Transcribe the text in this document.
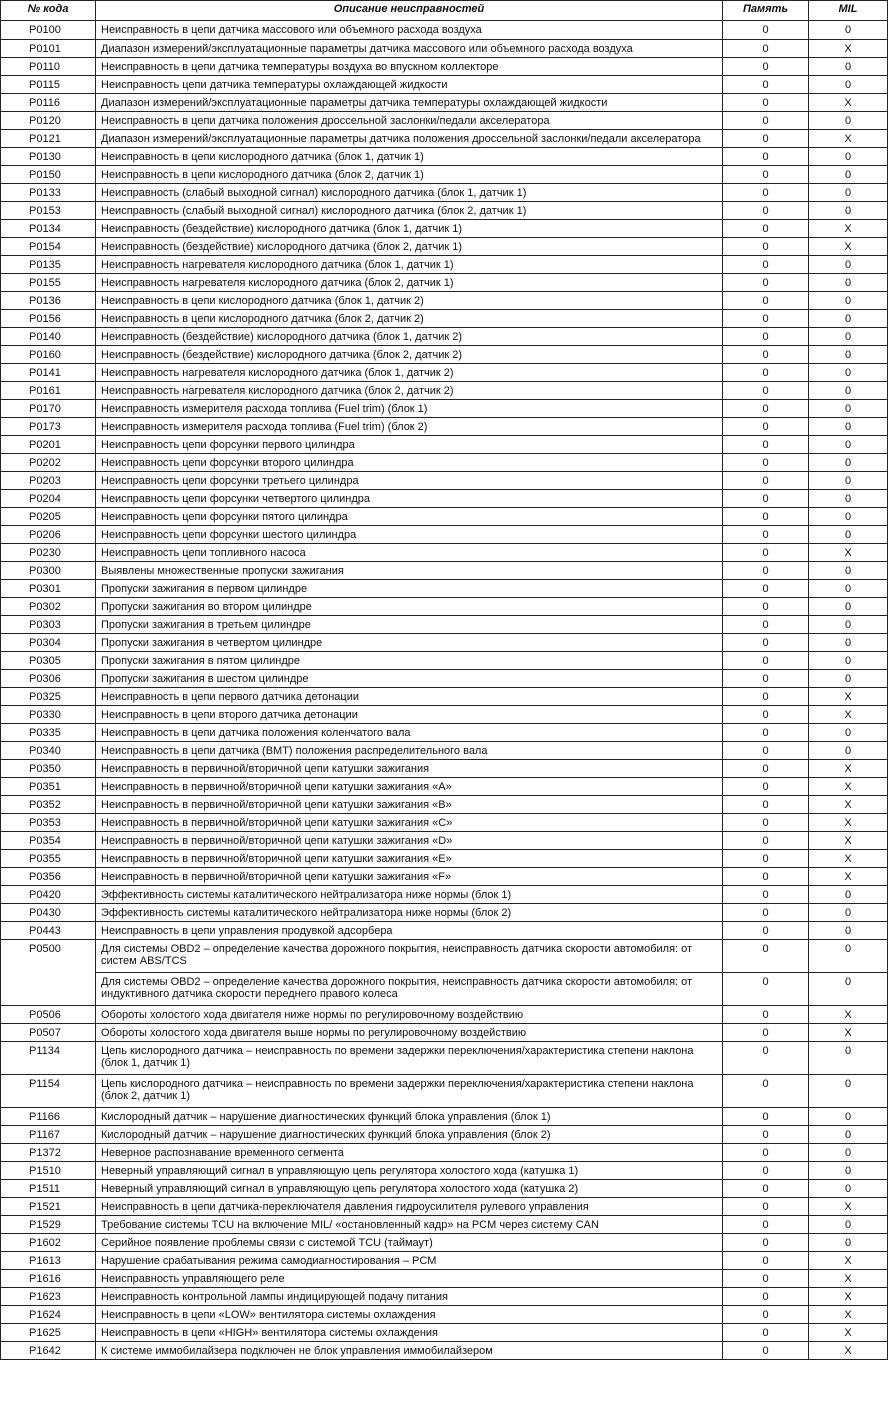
№ кода	Описание неисправностей	Память	MIL
P0100	Неисправность в цепи датчика массового или объемного расхода воздуха	0	0
P0101	Диапазон измерений/эксплуатационные параметры датчика массового или объемного расхода воздуха	0	X
P0110	Неисправность в цепи датчика температуры воздуха во впускном коллекторе	0	0
P0115	Неисправность цепи датчика температуры охлаждающей жидкости	0	0
P0116	Диапазон измерений/эксплуатационные параметры датчика температуры охлаждающей жидкости	0	X
P0120	Неисправность в цепи датчика положения дроссельной заслонки/педали акселератора	0	0
P0121	Диапазон измерений/эксплуатационные параметры датчика положения дроссельной заслонки/педали акселератора	0	X
P0130	Неисправность в цепи кислородного датчика (блок 1, датчик 1)	0	0
P0150	Неисправность в цепи кислородного датчика (блок 2, датчик 1)	0	0
P0133	Неисправность (слабый выходной сигнал) кислородного датчика (блок 1, датчик 1)	0	0
P0153	Неисправность (слабый выходной сигнал) кислородного датчика (блок 2, датчик 1)	0	0
P0134	Неисправность (бездействие) кислородного датчика (блок 1, датчик 1)	0	X
P0154	Неисправность (бездействие) кислородного датчика (блок 2, датчик 1)	0	X
P0135	Неисправность нагревателя кислородного датчика (блок 1, датчик 1)	0	0
P0155	Неисправность нагревателя кислородного датчика (блок 2, датчик 1)	0	0
P0136	Неисправность в цепи кислородного датчика (блок 1, датчик 2)	0	0
P0156	Неисправность в цепи кислородного датчика (блок 2, датчик 2)	0	0
P0140	Неисправность (бездействие) кислородного датчика (блок 1, датчик 2)	0	0
P0160	Неисправность (бездействие) кислородного датчика (блок 2, датчик 2)	0	0
P0141	Неисправность нагревателя кислородного датчика (блок 1, датчик 2)	0	0
P0161	Неисправность нагревателя кислородного датчика (блок 2, датчик 2)	0	0
P0170	Неисправность измерителя расхода топлива (Fuel trim) (блок 1)	0	0
P0173	Неисправность измерителя расхода топлива (Fuel trim) (блок 2)	0	0
P0201	Неисправность цепи форсунки первого цилиндра	0	0
P0202	Неисправность цепи форсунки второго цилиндра	0	0
P0203	Неисправность цепи форсунки третьего цилиндра	0	0
P0204	Неисправность цепи форсунки четвертого цилиндра	0	0
P0205	Неисправность цепи форсунки пятого цилиндра	0	0
P0206	Неисправность цепи форсунки шестого цилиндра	0	0
P0230	Неисправность цепи топливного насоса	0	X
P0300	Выявлены множественные пропуски зажигания	0	0
P0301	Пропуски зажигания в первом цилиндре	0	0
P0302	Пропуски зажигания во втором цилиндре	0	0
P0303	Пропуски зажигания в третьем цилиндре	0	0
P0304	Пропуски зажигания в четвертом цилиндре	0	0
P0305	Пропуски зажигания в пятом цилиндре	0	0
P0306	Пропуски зажигания в шестом цилиндре	0	0
P0325	Неисправность в цепи первого датчика детонации	0	X
P0330	Неисправность в цепи второго датчика детонации	0	X
P0335	Неисправность в цепи датчика положения коленчатого вала	0	0
P0340	Неисправность в цепи датчика (ВМТ) положения распределительного вала	0	0
P0350	Неисправность в первичной/вторичной цепи катушки зажигания	0	X
P0351	Неисправность в первичной/вторичной цепи катушки зажигания «A»	0	X
P0352	Неисправность в первичной/вторичной цепи катушки зажигания «B»	0	X
P0353	Неисправность в первичной/вторичной цепи катушки зажигания «C»	0	X
P0354	Неисправность в первичной/вторичной цепи катушки зажигания «D»	0	X
P0355	Неисправность в первичной/вторичной цепи катушки зажигания «E»	0	X
P0356	Неисправность в первичной/вторичной цепи катушки зажигания «F»	0	X
P0420	Эффективность системы каталитического нейтрализатора ниже нормы (блок 1)	0	0
P0430	Эффективность системы каталитического нейтрализатора ниже нормы (блок 2)	0	0
P0443	Неисправность в цепи управления продувкой адсорбера	0	0
P0500	Для системы OBD2 – определение качества дорожного покрытия, неисправность датчика скорости автомобиля: от систем ABS/TCS	0	0
	Для системы OBD2 – определение качества дорожного покрытия, неисправность датчика скорости автомобиля: от индуктивного датчика скорости переднего правого колеса	0	0
P0506	Обороты холостого хода двигателя ниже нормы по регулировочному воздействию	0	X
P0507	Обороты холостого хода двигателя выше нормы по регулировочному воздействию	0	X
P1134	Цепь кислородного датчика – неисправность по времени задержки переключения/характеристика степени наклона (блок 1, датчик 1)	0	0
P1154	Цепь кислородного датчика – неисправность по времени задержки переключения/характеристика степени наклона (блок 2, датчик 1)	0	0
P1166	Кислородный датчик – нарушение диагностических функций блока управления (блок 1)	0	0
P1167	Кислородный датчик – нарушение диагностических функций блока управления (блок 2)	0	0
P1372	Неверное распознавание временного сегмента	0	0
P1510	Неверный управляющий сигнал в управляющую цепь регулятора холостого хода (катушка 1)	0	0
P1511	Неверный управляющий сигнал в управляющую цепь регулятора холостого хода (катушка 2)	0	0
P1521	Неисправность в цепи датчика-переключателя давления гидроусилителя рулевого управления	0	X
P1529	Требование системы TCU на включение MIL/ «остановленный кадр» на PCM через систему CAN	0	0
P1602	Серийное появление проблемы связи с системой TCU (таймаут)	0	0
P1613	Нарушение срабатывания режима самодиагностирования – PCM	0	X
P1616	Неисправность управляющего реле	0	X
P1623	Неисправность контрольной лампы индицирующей подачу питания	0	X
P1624	Неисправность в цепи «LOW» вентилятора системы охлаждения	0	X
P1625	Неисправность в цепи «HIGH» вентилятора системы охлаждения	0	X
P1642	К системе иммобилайзера подключен не блок управления иммобилайзером	0	X
